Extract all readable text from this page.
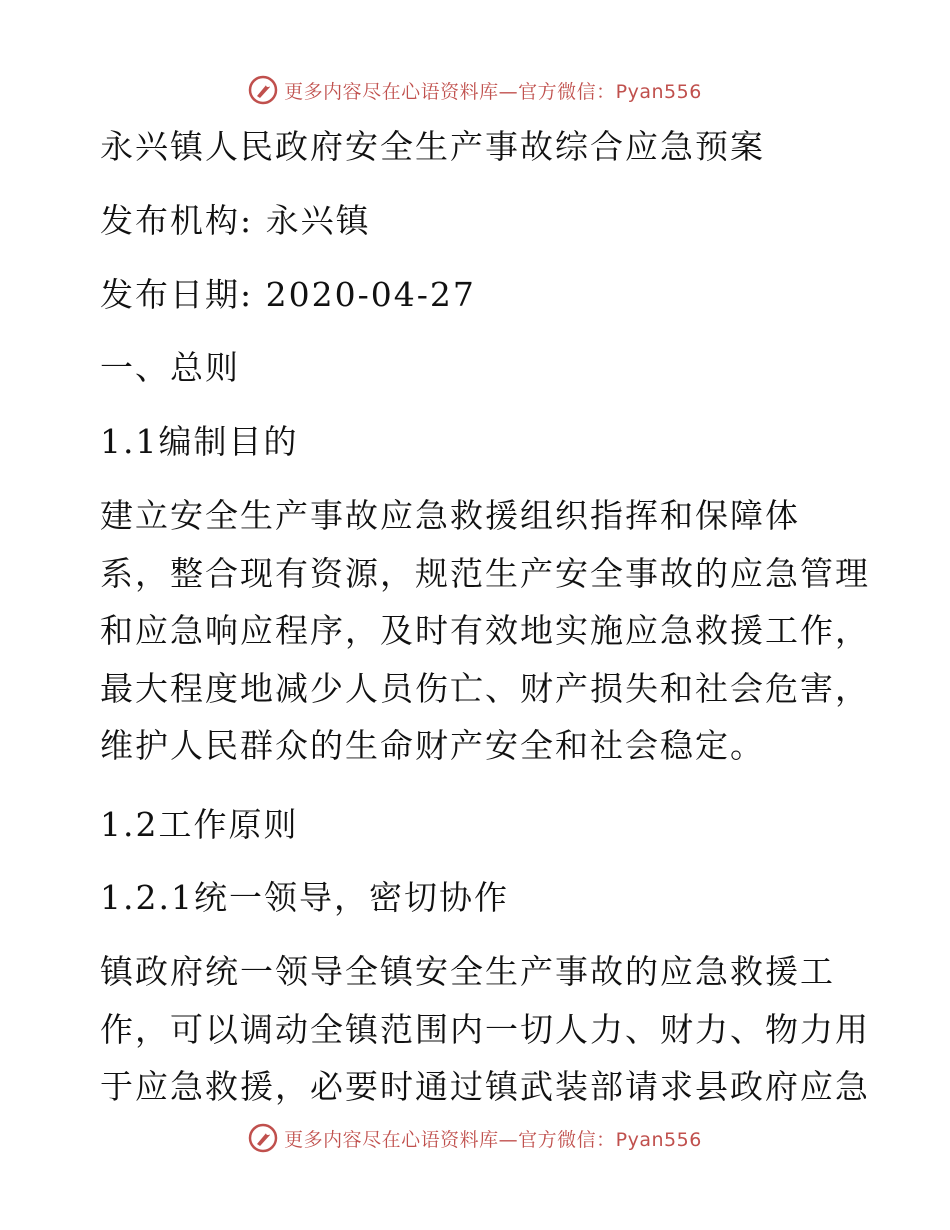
更多内容尽在心语资料库—官方微信：Pyan556
永兴镇人民政府安全生产事故综合应急预案
发布机构: 永兴镇
发布日期: 2020-04-27
一、总则
1.1编制目的
建立安全生产事故应急救援组织指挥和保障体
系，整合现有资源，规范生产安全事故的应急管理
和应急响应程序，及时有效地实施应急救援工作，
最大程度地减少人员伤亡、财产损失和社会危害，
维护人民群众的生命财产安全和社会稳定。
1.2工作原则
1.2.1统一领导，密切协作
镇政府统一领导全镇安全生产事故的应急救援工
作，可以调动全镇范围内一切人力、财力、物力用
于应急救援，必要时通过镇武装部请求县政府应急
更多内容尽在心语资料库—官方微信：Pyan556
